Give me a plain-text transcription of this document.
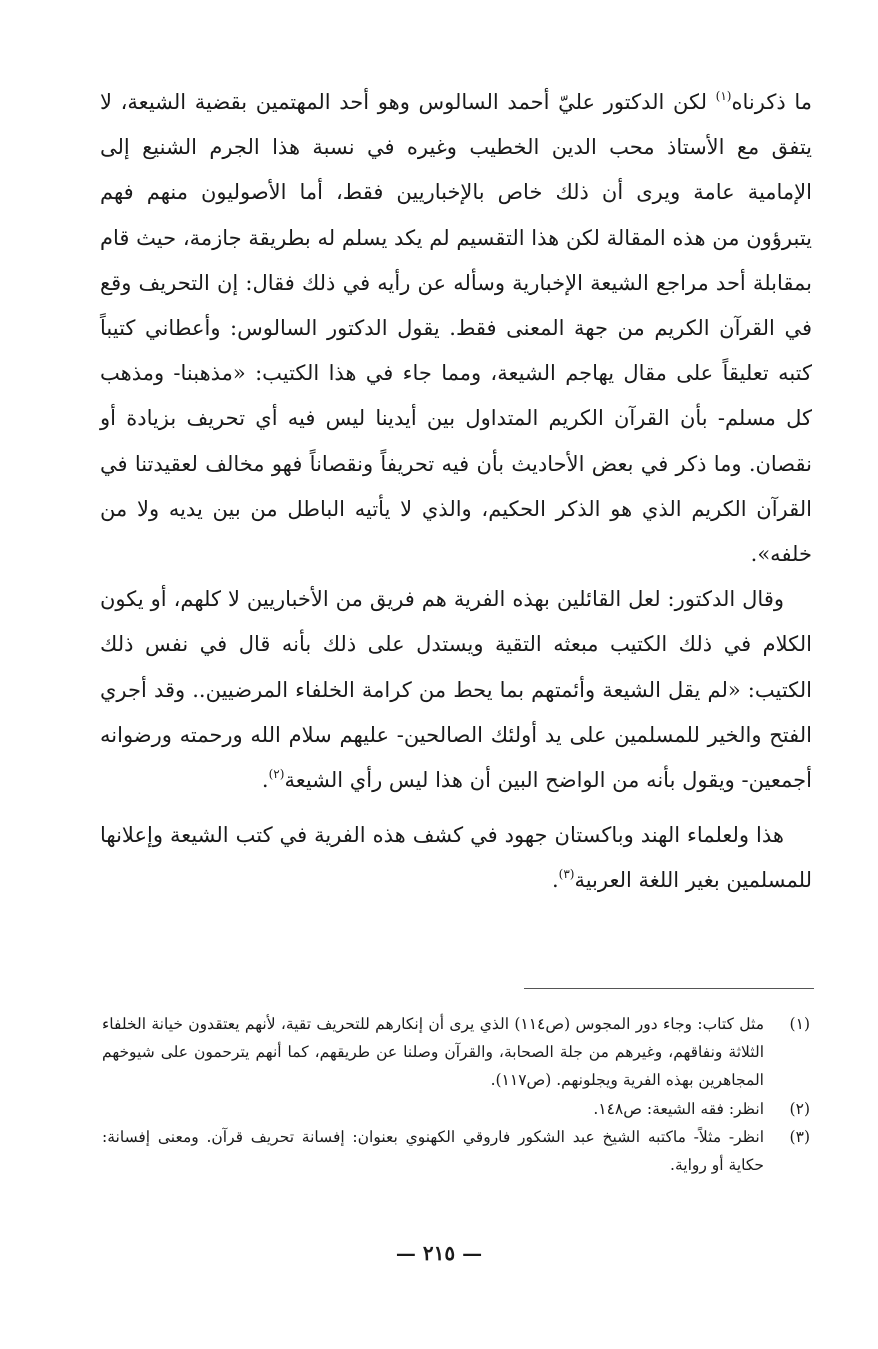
ما ذكرناه$^{(١)}$ لكن الدكتور عليّ أحمد السالوس وهو أحد المهتمين بقضية الشيعة، لا يتفق مع الأستاذ محب الدين الخطيب وغيره في نسبة هذا الجرم الشنيع إلى الإمامية عامة ويرى أن ذلك خاص بالإخباريين فقط، أما الأصوليون منهم فهم يتبرؤون من هذه المقالة لكن هذا التقسيم لم يكد يسلم له بطريقة جازمة، حيث قام بمقابلة أحد مراجع الشيعة الإخبارية وسأله عن رأيه في ذلك فقال: إن التحريف وقع في القرآن الكريم من جهة المعنى فقط. يقول الدكتور السالوس: وأعطاني كتيباً كتبه تعليقاً على مقال يهاجم الشيعة، ومما جاء في هذا الكتيب: «مذهبنا- ومذهب كل مسلم- بأن القرآن الكريم المتداول بين أيدينا ليس فيه أي تحريف بزيادة أو نقصان. وما ذكر في بعض الأحاديث بأن فيه تحريفاً ونقصاناً فهو مخالف لعقيدتنا في القرآن الكريم الذي هو الذكر الحكيم، والذي لا يأتيه الباطل من بين يديه ولا من خلفه».

وقال الدكتور: لعل القائلين بهذه الفرية هم فريق من الأخباريين لا كلهم، أو يكون الكلام في ذلك الكتيب مبعثه التقية ويستدل على ذلك بأنه قال في نفس ذلك الكتيب: «لم يقل الشيعة وأئمتهم بما يحط من كرامة الخلفاء المرضيين.. وقد أجري الفتح والخير للمسلمين على يد أولئك الصالحين- عليهم سلام الله ورحمته ورضوانه أجمعين- ويقول بأنه من الواضح البين أن هذا ليس رأي الشيعة$^{(٢)}$.

هذا ولعلماء الهند وباكستان جهود في كشف هذه الفرية في كتب الشيعة وإعلانها للمسلمين بغير اللغة العربية$^{(٣)}$.

(١)
مثل كتاب: وجاء دور المجوس (ص١١٤) الذي يرى أن إنكارهم للتحريف تقية، لأنهم يعتقدون خيانة الخلفاء الثلاثة ونفاقهم، وغيرهم من جلة الصحابة، والقرآن وصلنا عن طريقهم، كما أنهم يترحمون على شيوخهم المجاهرين بهذه الفرية ويجلونهم. (ص١١٧).
(٢)
انظر: فقه الشيعة: ص١٤٨.
(٣)
انظر- مثلاً- ماكتبه الشيخ عبد الشكور فاروقي الكهنوي بعنوان: إفسانة تحريف قرآن. ومعنى إفسانة: حكاية أو رواية.
— ٢١٥ —
